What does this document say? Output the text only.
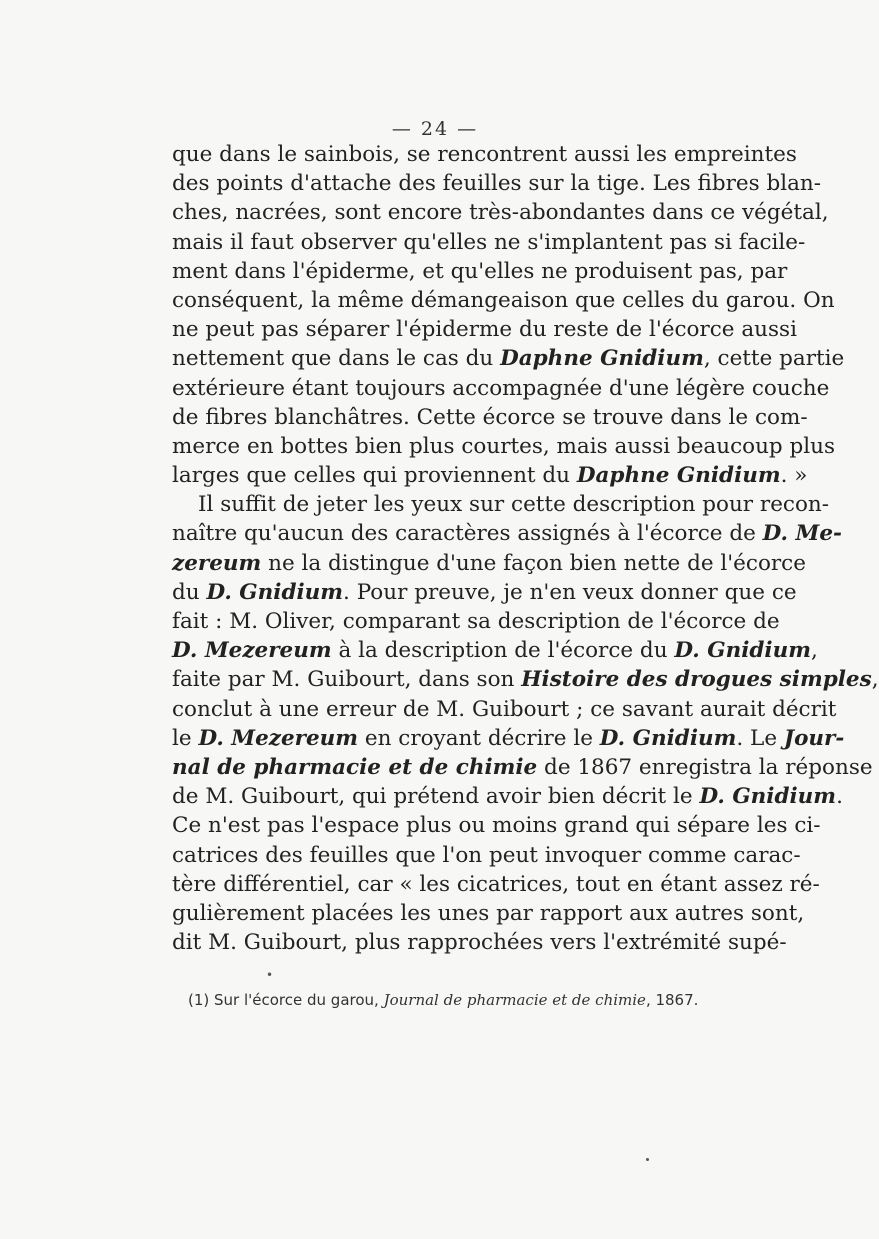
— 24 —
que dans le sainbois, se rencontrent aussi les empreintes
des points d'attache des feuilles sur la tige. Les fibres blan-
ches, nacrées, sont encore très-abondantes dans ce végétal,
mais il faut observer qu'elles ne s'implantent pas si facile-
ment dans l'épiderme, et qu'elles ne produisent pas, par
conséquent, la même démangeaison que celles du garou. On
ne peut pas séparer l'épiderme du reste de l'écorce aussi
nettement que dans le cas du Daphne Gnidium, cette partie
extérieure étant toujours accompagnée d'une légère couche
de fibres blanchâtres. Cette écorce se trouve dans le com-
merce en bottes bien plus courtes, mais aussi beaucoup plus
larges que celles qui proviennent du Daphne Gnidium. »
Il suffit de jeter les yeux sur cette description pour recon-
naître qu'aucun des caractères assignés à l'écorce de D. Me-
zereum ne la distingue d'une façon bien nette de l'écorce
du D. Gnidium. Pour preuve, je n'en veux donner que ce
fait : M. Oliver, comparant sa description de l'écorce de
D. Mezereum à la description de l'écorce du D. Gnidium,
faite par M. Guibourt, dans son Histoire des drogues simples,
conclut à une erreur de M. Guibourt ; ce savant aurait décrit
le D. Mezereum en croyant décrire le D. Gnidium. Le Jour-
nal de pharmacie et de chimie de 1867 enregistra la réponse
de M. Guibourt, qui prétend avoir bien décrit le D. Gnidium.
Ce n'est pas l'espace plus ou moins grand qui sépare les ci-
catrices des feuilles que l'on peut invoquer comme carac-
tère différentiel, car « les cicatrices, tout en étant assez ré-
gulièrement placées les unes par rapport aux autres sont,
dit M. Guibourt, plus rapprochées vers l'extrémité supé-
•
(1) Sur l'écorce du garou, Journal de pharmacie et de chimie, 1867.
